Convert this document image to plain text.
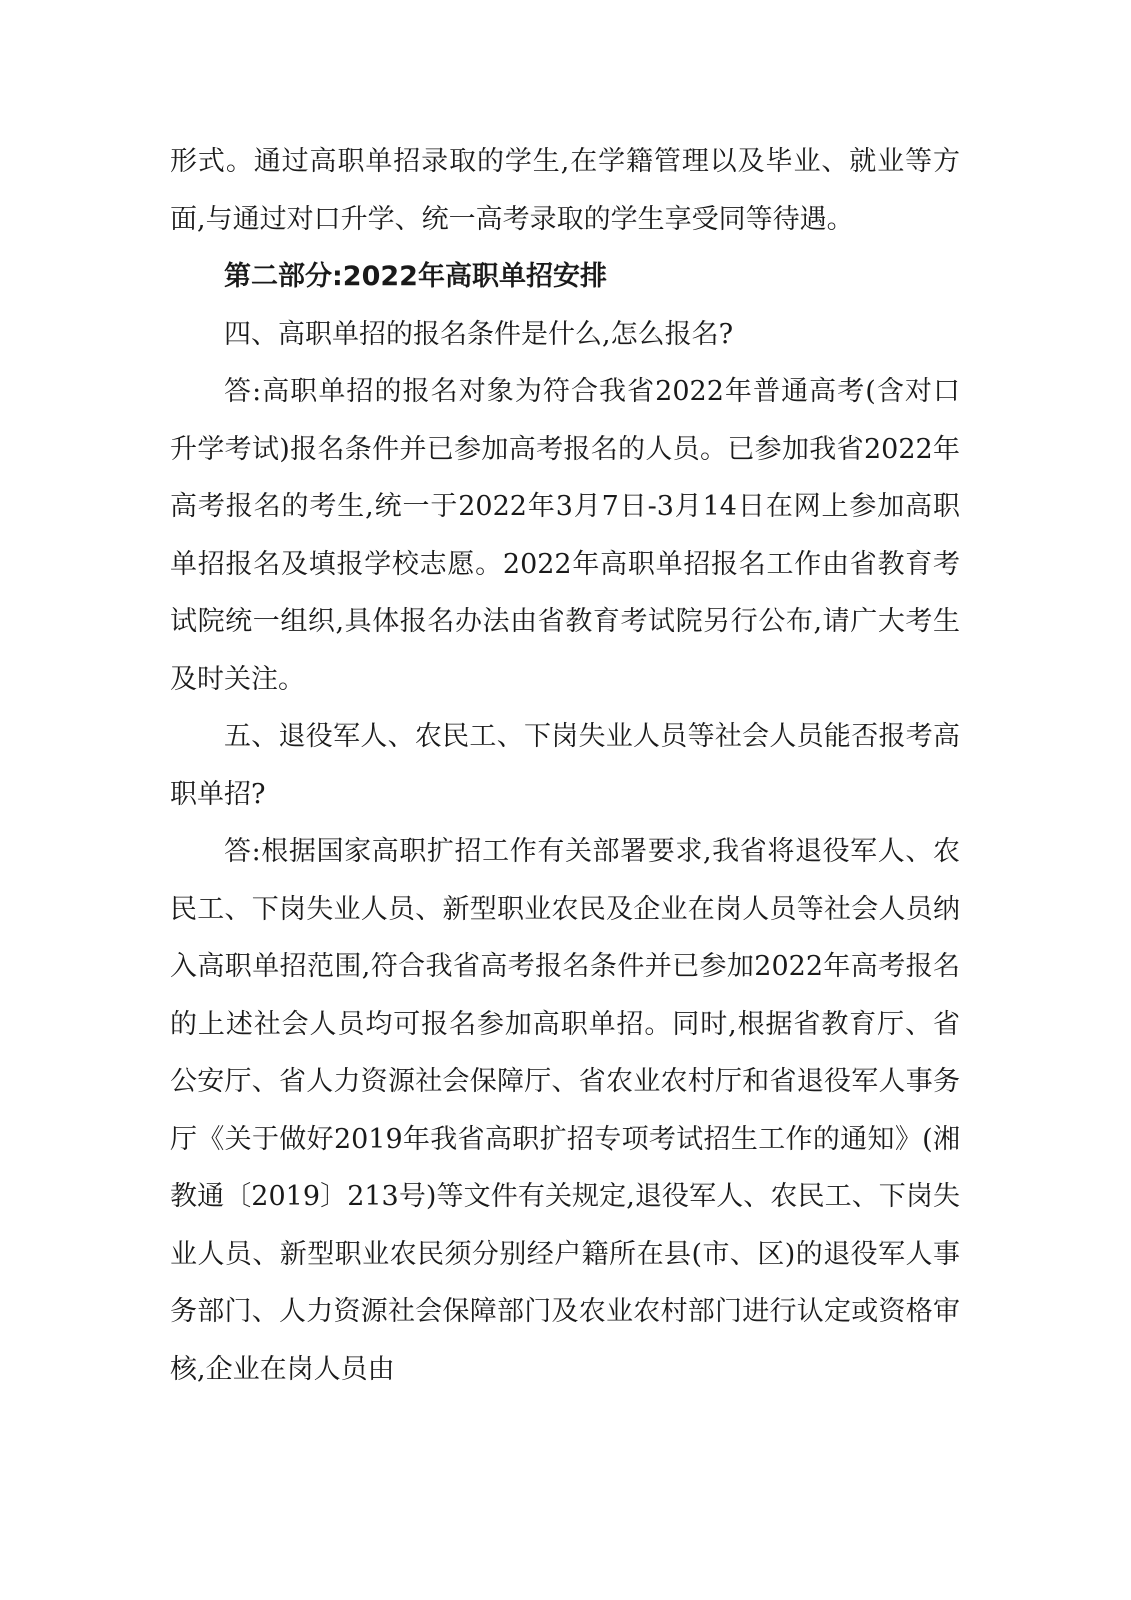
形式。通过高职单招录取的学生,在学籍管理以及毕业、就业等方面,与通过对口升学、统一高考录取的学生享受同等待遇。

第二部分:2022年高职单招安排

四、高职单招的报名条件是什么,怎么报名?

答:高职单招的报名对象为符合我省2022年普通高考(含对口升学考试)报名条件并已参加高考报名的人员。已参加我省2022年高考报名的考生,统一于2022年3月7日-3月14日在网上参加高职单招报名及填报学校志愿。2022年高职单招报名工作由省教育考试院统一组织,具体报名办法由省教育考试院另行公布,请广大考生及时关注。

五、退役军人、农民工、下岗失业人员等社会人员能否报考高职单招?

答:根据国家高职扩招工作有关部署要求,我省将退役军人、农民工、下岗失业人员、新型职业农民及企业在岗人员等社会人员纳入高职单招范围,符合我省高考报名条件并已参加2022年高考报名的上述社会人员均可报名参加高职单招。同时,根据省教育厅、省公安厅、省人力资源社会保障厅、省农业农村厅和省退役军人事务厅《关于做好2019年我省高职扩招专项考试招生工作的通知》(湘教通〔2019〕213号)等文件有关规定,退役军人、农民工、下岗失业人员、新型职业农民须分别经户籍所在县(市、区)的退役军人事务部门、人力资源社会保障部门及农业农村部门进行认定或资格审核,企业在岗人员由
